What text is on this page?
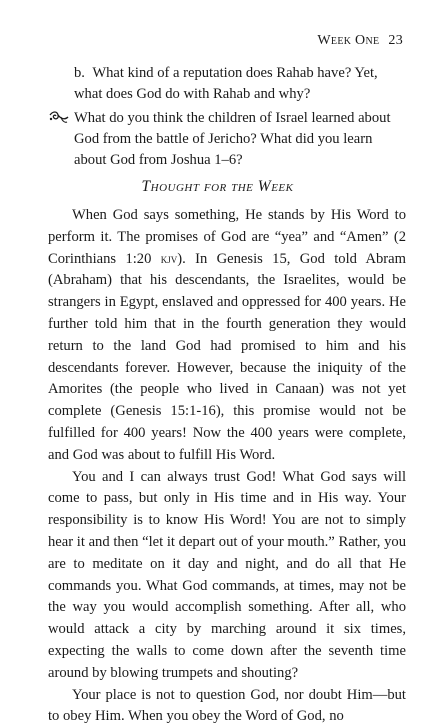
Week One 23
b. What kind of a reputation does Rahab have? Yet, what does God do with Rahab and why?
What do you think the children of Israel learned about God from the battle of Jericho? What did you learn about God from Joshua 1–6?
Thought for the Week

When God says something, He stands by His Word to perform it. The promises of God are “yea” and “Amen” (2 Corinthians 1:20 kjv). In Genesis 15, God told Abram (Abraham) that his descendants, the Israelites, would be strangers in Egypt, enslaved and oppressed for 400 years. He further told him that in the fourth generation they would return to the land God had promised to him and his descendants forever. However, because the iniquity of the Amorites (the people who lived in Canaan) was not yet complete (Genesis 15:1-16), this promise would not be fulfilled for 400 years! Now the 400 years were complete, and God was about to fulfill His Word.

You and I can always trust God! What God says will come to pass, but only in His time and in His way. Your responsibility is to know His Word! You are not to simply hear it and then “let it depart out of your mouth.” Rather, you are to meditate on it day and night, and do all that He commands you. What God commands, at times, may not be the way you would accomplish something. After all, who would attack a city by marching around it six times, expecting the walls to come down after the seventh time around by blowing trumpets and shouting?

Your place is not to question God, nor doubt Him—but to obey Him. When you obey the Word of God, no
